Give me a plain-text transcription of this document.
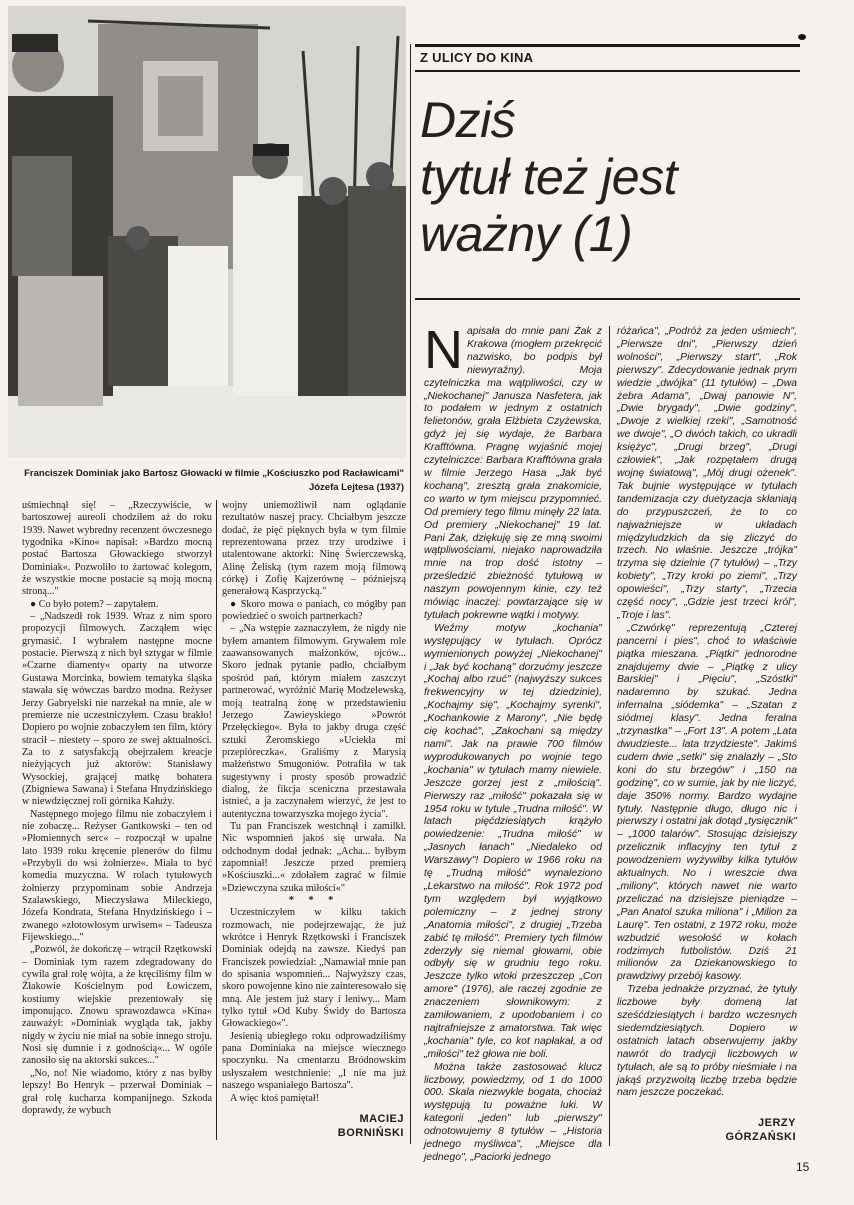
Franciszek Dominiak jako Bartosz Głowacki w filmie „Kościuszko pod Racławicami"
Józefa Lejtesa (1937)

uśmiechnął się! – „Rzeczywiście, w bartoszowej aureoli chodziłem aż do roku 1939. Nawet wybredny recenzent ówczesnego tygodnika »Kino« napisał: »Bardzo mocną postać Bartosza Głowackiego stworzył Dominiak«. Pozwoliło to żartować kolegom, że wszystkie mocne postacie są moją mocną stroną..."

● Co było potem? – zapytałem.

– „Nadszedł rok 1939. Wraz z nim sporo propozycji filmowych. Zacząłem więc grymasić. I wybrałem następne mocne postacie. Pierwszą z nich był sztygar w filmie »Czarne diamenty« oparty na utworze Gustawa Morcinka, bowiem tematyka śląska stawała się wówczas bardzo modna. Reżyser Jerzy Gabryelski nie narzekał na mnie, ale w premierze nie uczestniczyłem. Czasu brakło! Dopiero po wojnie zobaczyłem ten film, który stracił – niestety – sporo ze swej aktualności. Za to z satysfakcją obejrzałem kreacje nieżyjących już aktorów: Stanisławy Wysockiej, grającej matkę bohatera (Zbigniewa Sawana) i Stefana Hnydzińskiego w niewdzięcznej roli górnika Kałuży.

Następnego mojego filmu nie zobaczyłem i nie zobaczę... Reżyser Gantkowski – ten od »Płomiennych serc« – rozpoczął w upalne lato 1939 roku kręcenie plenerów do filmu »Przybyli do wsi żołnierze«. Miała to być komedia muzyczna. W rolach tytułowych żołnierzy przypominam sobie Andrzeja Szalawskiego, Mieczysława Mileckiego, Józefa Kondrata, Stefana Hnydzińskiego i – zwanego »złotowłosym urwisem« – Tadeusza Fijewskiego..."

„Pozwól, że dokończę – wtrącił Rzętkowski – Dominiak tym razem zdegradowany do cywila grał rolę wójta, a że kręciliśmy film w Żłakowie Kościelnym pod Łowiczem, kostiumy wiejskie prezentowały się imponująco. Znowu sprawozdawca »Kina« zauważył: »Dominiak wygląda tak, jakby nigdy w życiu nie miał na sobie innego stroju. Nosi się dumnie i z godnością«... W ogóle zanosiło się na aktorski sukces..."

„No, no! Nie wiadomo, który z nas byłby lepszy! Bo Henryk – przerwał Dominiak – grał rolę kucharza kompanijnego. Szkoda doprawdy, że wybuch

wojny uniemożliwił nam oglądanie rezultatów naszej pracy. Chciałbym jeszcze dodać, że pięć pięknych była w tym filmie reprezentowana przez trzy urodziwe i utalentowane aktorki: Ninę Świerczewską, Alinę Żeliską (tym razem moją filmową córkę) i Zofię Kajzerównę – późniejszą generałową Kasprzycką."

● Skoro mowa o paniach, co mógłby pan powiedzieć o swoich partnerkach?

– „Na wstępie zaznaczyłem, że nigdy nie byłem amantem filmowym. Grywałem role zaawansowanych małżonków, ojców... Skoro jednak pytanie padło, chciałbym spośród pań, którym miałem zaszczyt partnerować, wyróżnić Marię Modzelewską, moją teatralną żonę w przedstawieniu Jerzego Zawieyskiego »Powrót Przełęckiego«. Była to jakby druga część sztuki Żeromskiego »Uciekła mi przepióreczka«. Graliśmy z Marysią małżeństwo Smugoniów. Potrafiła w tak sugestywny i prosty sposób prowadzić dialog, że fikcja sceniczna przestawała istnieć, a ja zaczynałem wierzyć, że jest to autentyczna towarzyszka mojego życia".

Tu pan Franciszek westchnął i zamilkł. Nic wspomnień jakoś się urwała. Na odchodnym dodał jednak: „Acha... byłbym zapomniał! Jeszcze przed premierą »Kościuszki...« zdołałem zagrać w filmie »Dziewczyna szuka miłości«"

* * *

Uczestniczyłem w kilku takich rozmowach, nie podejrzewając, że już wkrótce i Henryk Rzętkowski i Franciszek Dominiak odejdą na zawsze. Kiedyś pan Franciszek powiedział: „Namawiał mnie pan do spisania wspomnień... Najwyższy czas, skoro powojenne kino nie zainteresowało się mną. Ale jestem już stary i leniwy... Mam tylko tytuł »Od Kuby Świdy do Bartosza Głowackiego«".

Jesienią ubiegłego roku odprowadziliśmy pana Dominiaka na miejsce wiecznego spoczynku. Na cmentarzu Bródnowskim usłyszałem westchnienie: „I nie ma już naszego wspaniałego Bartosza".

A więc ktoś pamiętał!

MACIEJ
BORNIŃSKI
Z ULICY DO KINA
Dziś
tytuł też jest
ważny (1)

Napisała do mnie pani Żak z Krakowa (mogłem przekręcić nazwisko, bo podpis był niewyraźny). Moja czytelniczka ma wątpliwości, czy w „Niekochanej" Janusza Nasfetera, jak to podałem w jednym z ostatnich felietonów, grała Elżbieta Czyżewska, gdyż jej się wydaje, że Barbara Krafftówna. Pragnę wyjaśnić mojej czytelniczce: Barbara Krafftówna grała w filmie Jerzego Hasa „Jak być kochaną", zresztą grała znakomicie, co warto w tym miejscu przypomnieć. Od premiery tego filmu minęły 22 lata. Od premiery „Niekochanej" 19 lat. Pani Żak, dziękuję się ze mną swoimi wątpliwościami, niejako naprowadziła mnie na trop dość istotny – prześledzić zbieżność tytułową w naszym powojennym kinie, czy też mówiąc inaczej: powtarzające się w tytułach pokrewne wątki i motywy.

Weźmy motyw „kochania" występujący w tytułach. Oprócz wymienionych powyżej „Niekochanej" i „Jak być kochaną" dorzućmy jeszcze „Kochaj albo rzuć" (najwyższy sukces frekwencyjny w tej dziedzinie), „Kochajmy się", „Kochajmy syrenki", „Kochankowie z Marony", „Nie będę cię kochać", „Zakochani są między nami". Jak na prawie 700 filmów wyprodukowanych po wojnie tego „kochania" w tytułach mamy niewiele. Jeszcze gorzej jest z „miłością". Pierwszy raz „miłość" pokazała się w 1954 roku w tytule „Trudna miłość". W latach pięćdziesiątych krążyło powiedzenie: „Trudna miłość" w „Jasnych łanach" „Niedaleko od Warszawy"! Dopiero w 1966 roku na tę „Trudną miłość" wynaleziono „Lekarstwo na miłość". Rok 1972 pod tym względem był wyjątkowo polemiczny – z jednej strony „Anatomia miłości", z drugiej „Trzeba zabić tę miłość". Premiery tych filmów zderzyły się niemal głowami, obie odbyły się w grudniu tego roku. Jeszcze tylko wtoki przeszczep „Con amore" (1976), ale raczej zgodnie ze znaczeniem słownikowym: z zamiłowaniem, z upodobaniem i co najtrafniejsze z amatorstwa. Tak więc „kochania" tyle, co kot napłakał, a od „miłości" też głowa nie boli.

Można także zastosować klucz liczbowy, powiedzmy, od 1 do 1000 000. Skala niezwykle bogata, chociaż występują tu poważne luki. W kategorii „jeden" lub „pierwszy" odnotowujemy 8 tytułów – „Historia jednego myśliwca", „Miejsce dla jednego", „Paciorki jednego

różańca", „Podróż za jeden uśmiech", „Pierwsze dni", „Pierwszy dzień wolności", „Pierwszy start", „Rok pierwszy". Zdecydowanie jednak prym wiedzie „dwójka" (11 tytułów) – „Dwa żebra Adama", „Dwaj panowie N", „Dwie brygady", „Dwie godziny", „Dwoje z wielkiej rzeki", „Samotność we dwoje", „O dwóch takich, co ukradli księżyc", „Drugi brzeg", „Drugi człowiek", „Jak rozpętałem drugą wojnę światową", „Mój drugi ożenek". Tak bujnie występujące w tytułach tandemizacja czy duetyzacja skłaniają do przypuszczeń, że to co najważniejsze w układach międzyludzkich da się zliczyć do trzech. No właśnie. Jeszcze „trójka" trzyma się dzielnie (7 tytułów) – „Trzy kobiety", „Trzy kroki po ziemi", „Trzy opowieści", „Trzy starty", „Trzecia część nocy", „Gdzie jest trzeci król", „Troje i las".

„Czwórkę" reprezentują „Czterej pancerni i pies", choć to właściwie piątka mieszana. „Piątki" jednorodne znajdujemy dwie – „Piątkę z ulicy Barskiej" i „Pięciu", „Szóstki" nadaremno by szukać. Jedna infernalna „siódemka" – „Szatan z siódmej klasy". Jedna feralna „trzynastka" – „Fort 13". A potem „Lata dwudzieste... lata trzydzieste". Jakimś cudem dwie „setki" się znalazły – „Sto koni do stu brzegów" i „150 na godzinę", co w sumie, jak by nie liczyć, daje 350% normy. Bardzo wydajne tytuły. Następnie długo, długo nic i pierwszy i ostatni jak dotąd „tysięcznik" – „1000 talarów". Stosując dzisiejszy przelicznik inflacyjny ten tytuł z powodzeniem wyżywiłby kilka tytułów aktualnych. No i wreszcie dwa „miliony", których nawet nie warto przeliczać na dzisiejsze pieniądze – „Pan Anatol szuka miliona" i „Milion za Laurę". Ten ostatni, z 1972 roku, może wzbudzić wesołość w kołach rodzimych futbolistów. Dziś 21 milionów za Dziekanowskiego to prawdziwy przebój kasowy.

Trzeba jednakże przyznać, że tytuły liczbowe były domeną lat sześćdziesiątych i bardzo wczesnych siedemdziesiątych. Dopiero w ostatnich latach obserwujemy jakby nawrót do tradycji liczbowych w tytułach, ale są to próby nieśmiałe i na jakąś przyzwoitą liczbę trzeba będzie nam jeszcze poczekać.

JERZY
GÓRZAŃSKI
15
